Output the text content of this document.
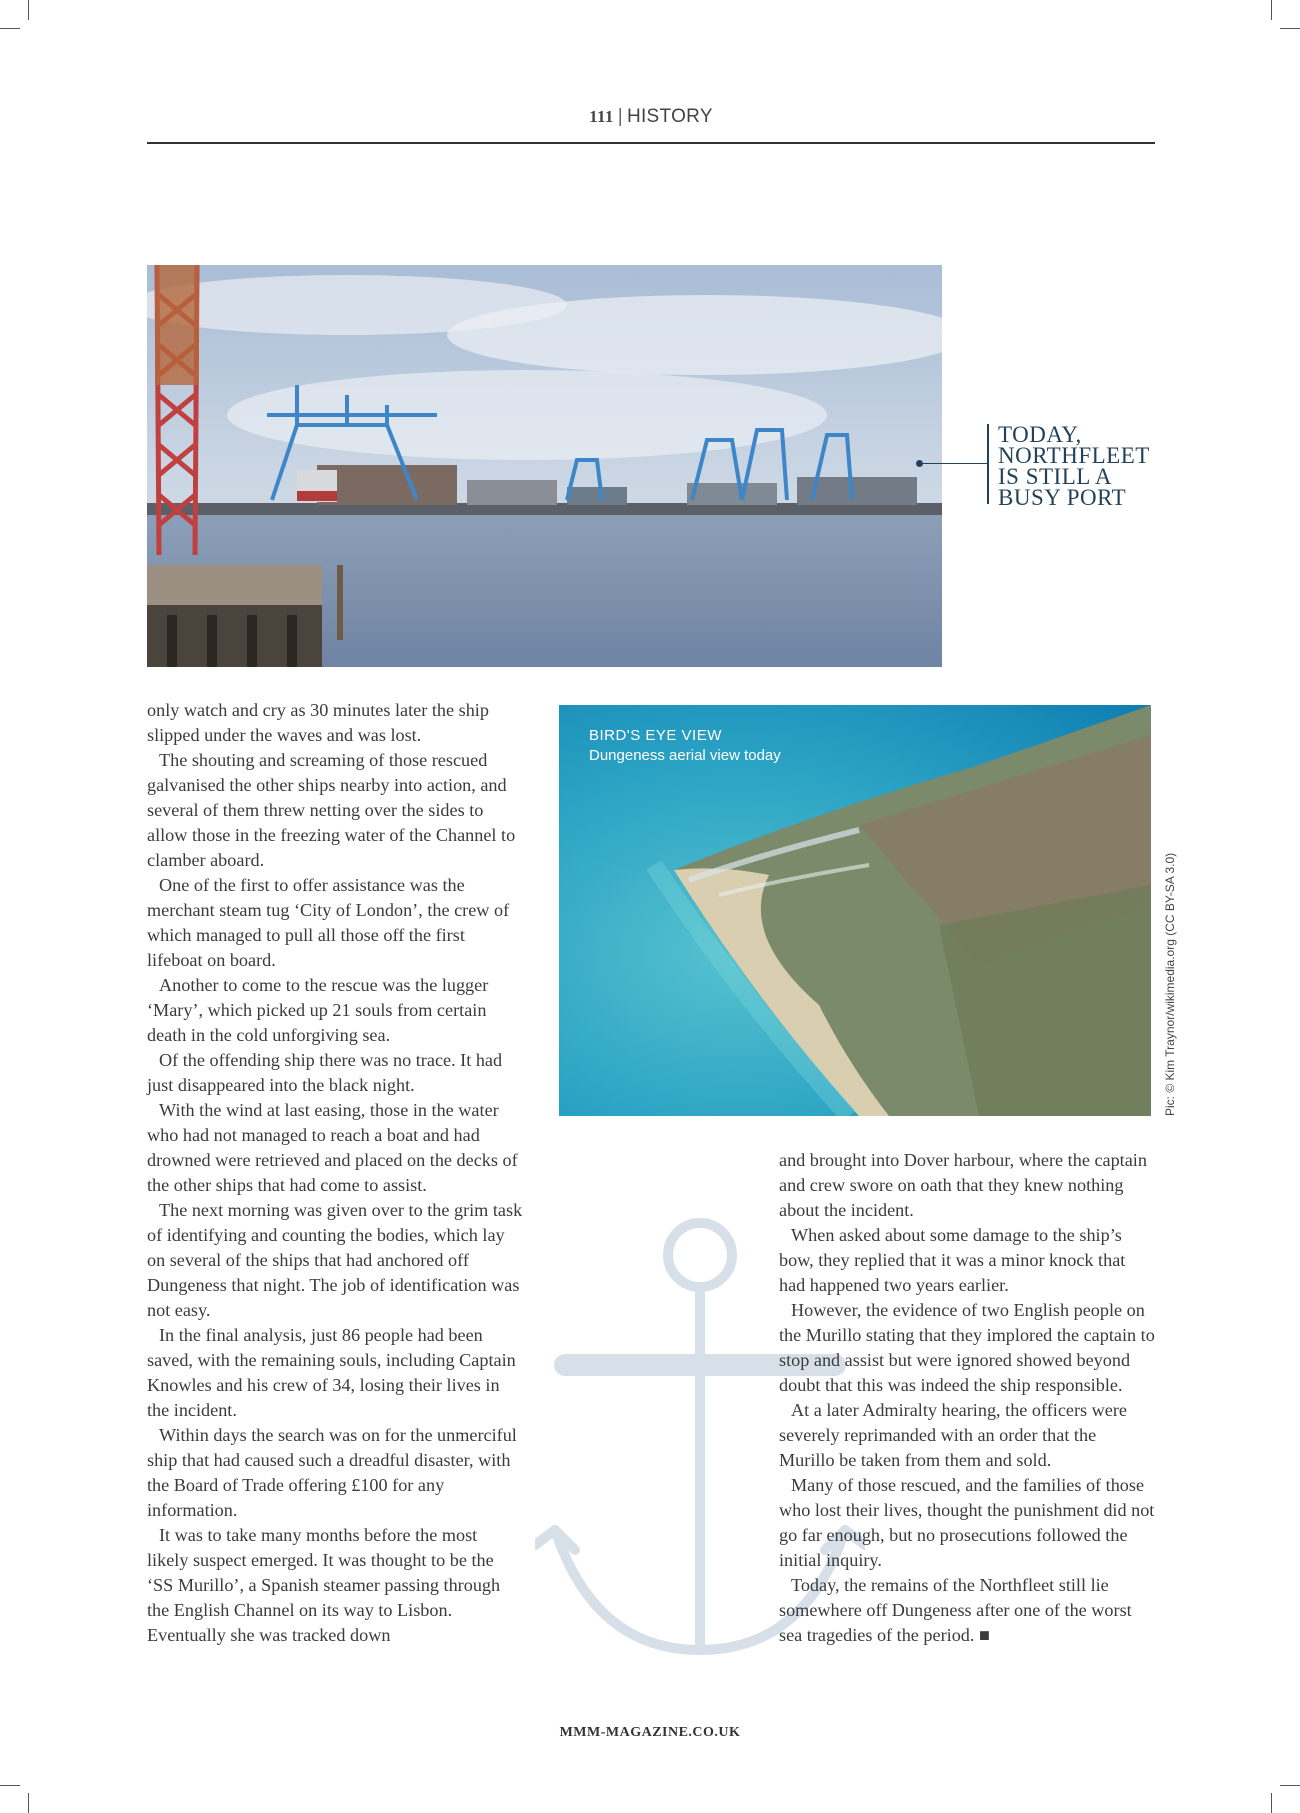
111 | HISTORY
TODAY,
NORTHFLEET
IS STILL A
BUSY PORT
BIRD'S EYE VIEW
Dungeness aerial view today
Pic: © Kim Traynor/wikimedia.org (CC BY-SA 3.0)

only watch and cry as 30 minutes later the ship slipped under the waves and was lost.

The shouting and screaming of those rescued galvanised the other ships nearby into action, and several of them threw netting over the sides to allow those in the freezing water of the Channel to clamber aboard.

One of the first to offer assistance was the merchant steam tug ‘City of London’, the crew of which managed to pull all those off the first lifeboat on board.

Another to come to the rescue was the lugger ‘Mary’, which picked up 21 souls from certain death in the cold unforgiving sea.

Of the offending ship there was no trace. It had just disappeared into the black night.

With the wind at last easing, those in the water who had not managed to reach a boat and had drowned were retrieved and placed on the decks of the other ships that had come to assist.

The next morning was given over to the grim task of identifying and counting the bodies, which lay on several of the ships that had anchored off Dungeness that night. The job of identification was not easy.

In the final analysis, just 86 people had been saved, with the remaining souls, including Captain Knowles and his crew of 34, losing their lives in the incident.

Within days the search was on for the unmerciful ship that had caused such a dreadful disaster, with the Board of Trade offering £100 for any information.

It was to take many months before the most likely suspect emerged. It was thought to be the ‘SS Murillo’, a Spanish steamer passing through the English Channel on its way to Lisbon. Eventually she was tracked down

and brought into Dover harbour, where the captain and crew swore on oath that they knew nothing about the incident.

When asked about some damage to the ship’s bow, they replied that it was a minor knock that had happened two years earlier.

However, the evidence of two English people on the Murillo stating that they implored the captain to stop and assist but were ignored showed beyond doubt that this was indeed the ship responsible.

At a later Admiralty hearing, the officers were severely reprimanded with an order that the Murillo be taken from them and sold.

Many of those rescued, and the families of those who lost their lives, thought the punishment did not go far enough, but no prosecutions followed the initial inquiry.

Today, the remains of the Northfleet still lie somewhere off Dungeness after one of the worst sea tragedies of the period. ■

MMM-MAGAZINE.CO.UK
